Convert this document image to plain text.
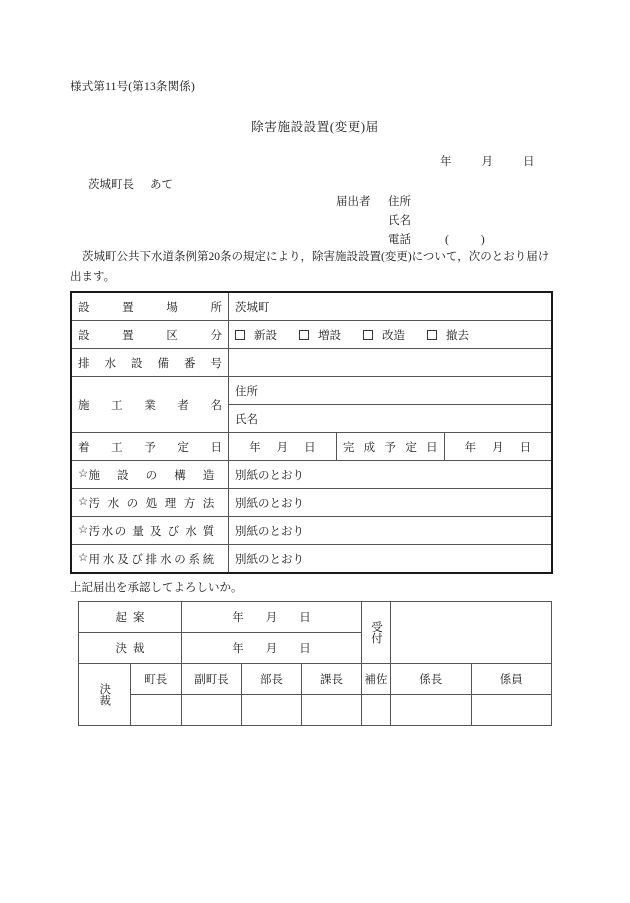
様式第11号(第13条関係)
除害施設設置(変更)届
年	月	日
茨城町長 あて
届出者	住所
氏名
電話	(	)
茨城町公共下水道条例第20条の規定により，除害施設設置(変更)について，次のとおり届け出ます。
設 置 場 所	茨城町		
設 置 区 分	新設 増設 改造 撤去		
排 水 設 備 番 号			
施 工 業 者 名	住所		
	氏名		
着 工 予 定 日	年 月 日	完 成 予 定 日	年 月 日
☆施 設 の 構 造	別紙のとおり		
☆汚 水 の 処 理 方 法	別紙のとおり		
☆汚水の 量 及 び 水 質	別紙のとおり		
☆用水及び排水の系統	別紙のとおり		
上記届出を承認してよろしいか。
起案		年 月 日			受付		

決裁		年 月 日					

決裁	町長	副町長	部長	課長	補佐	係長	係員
